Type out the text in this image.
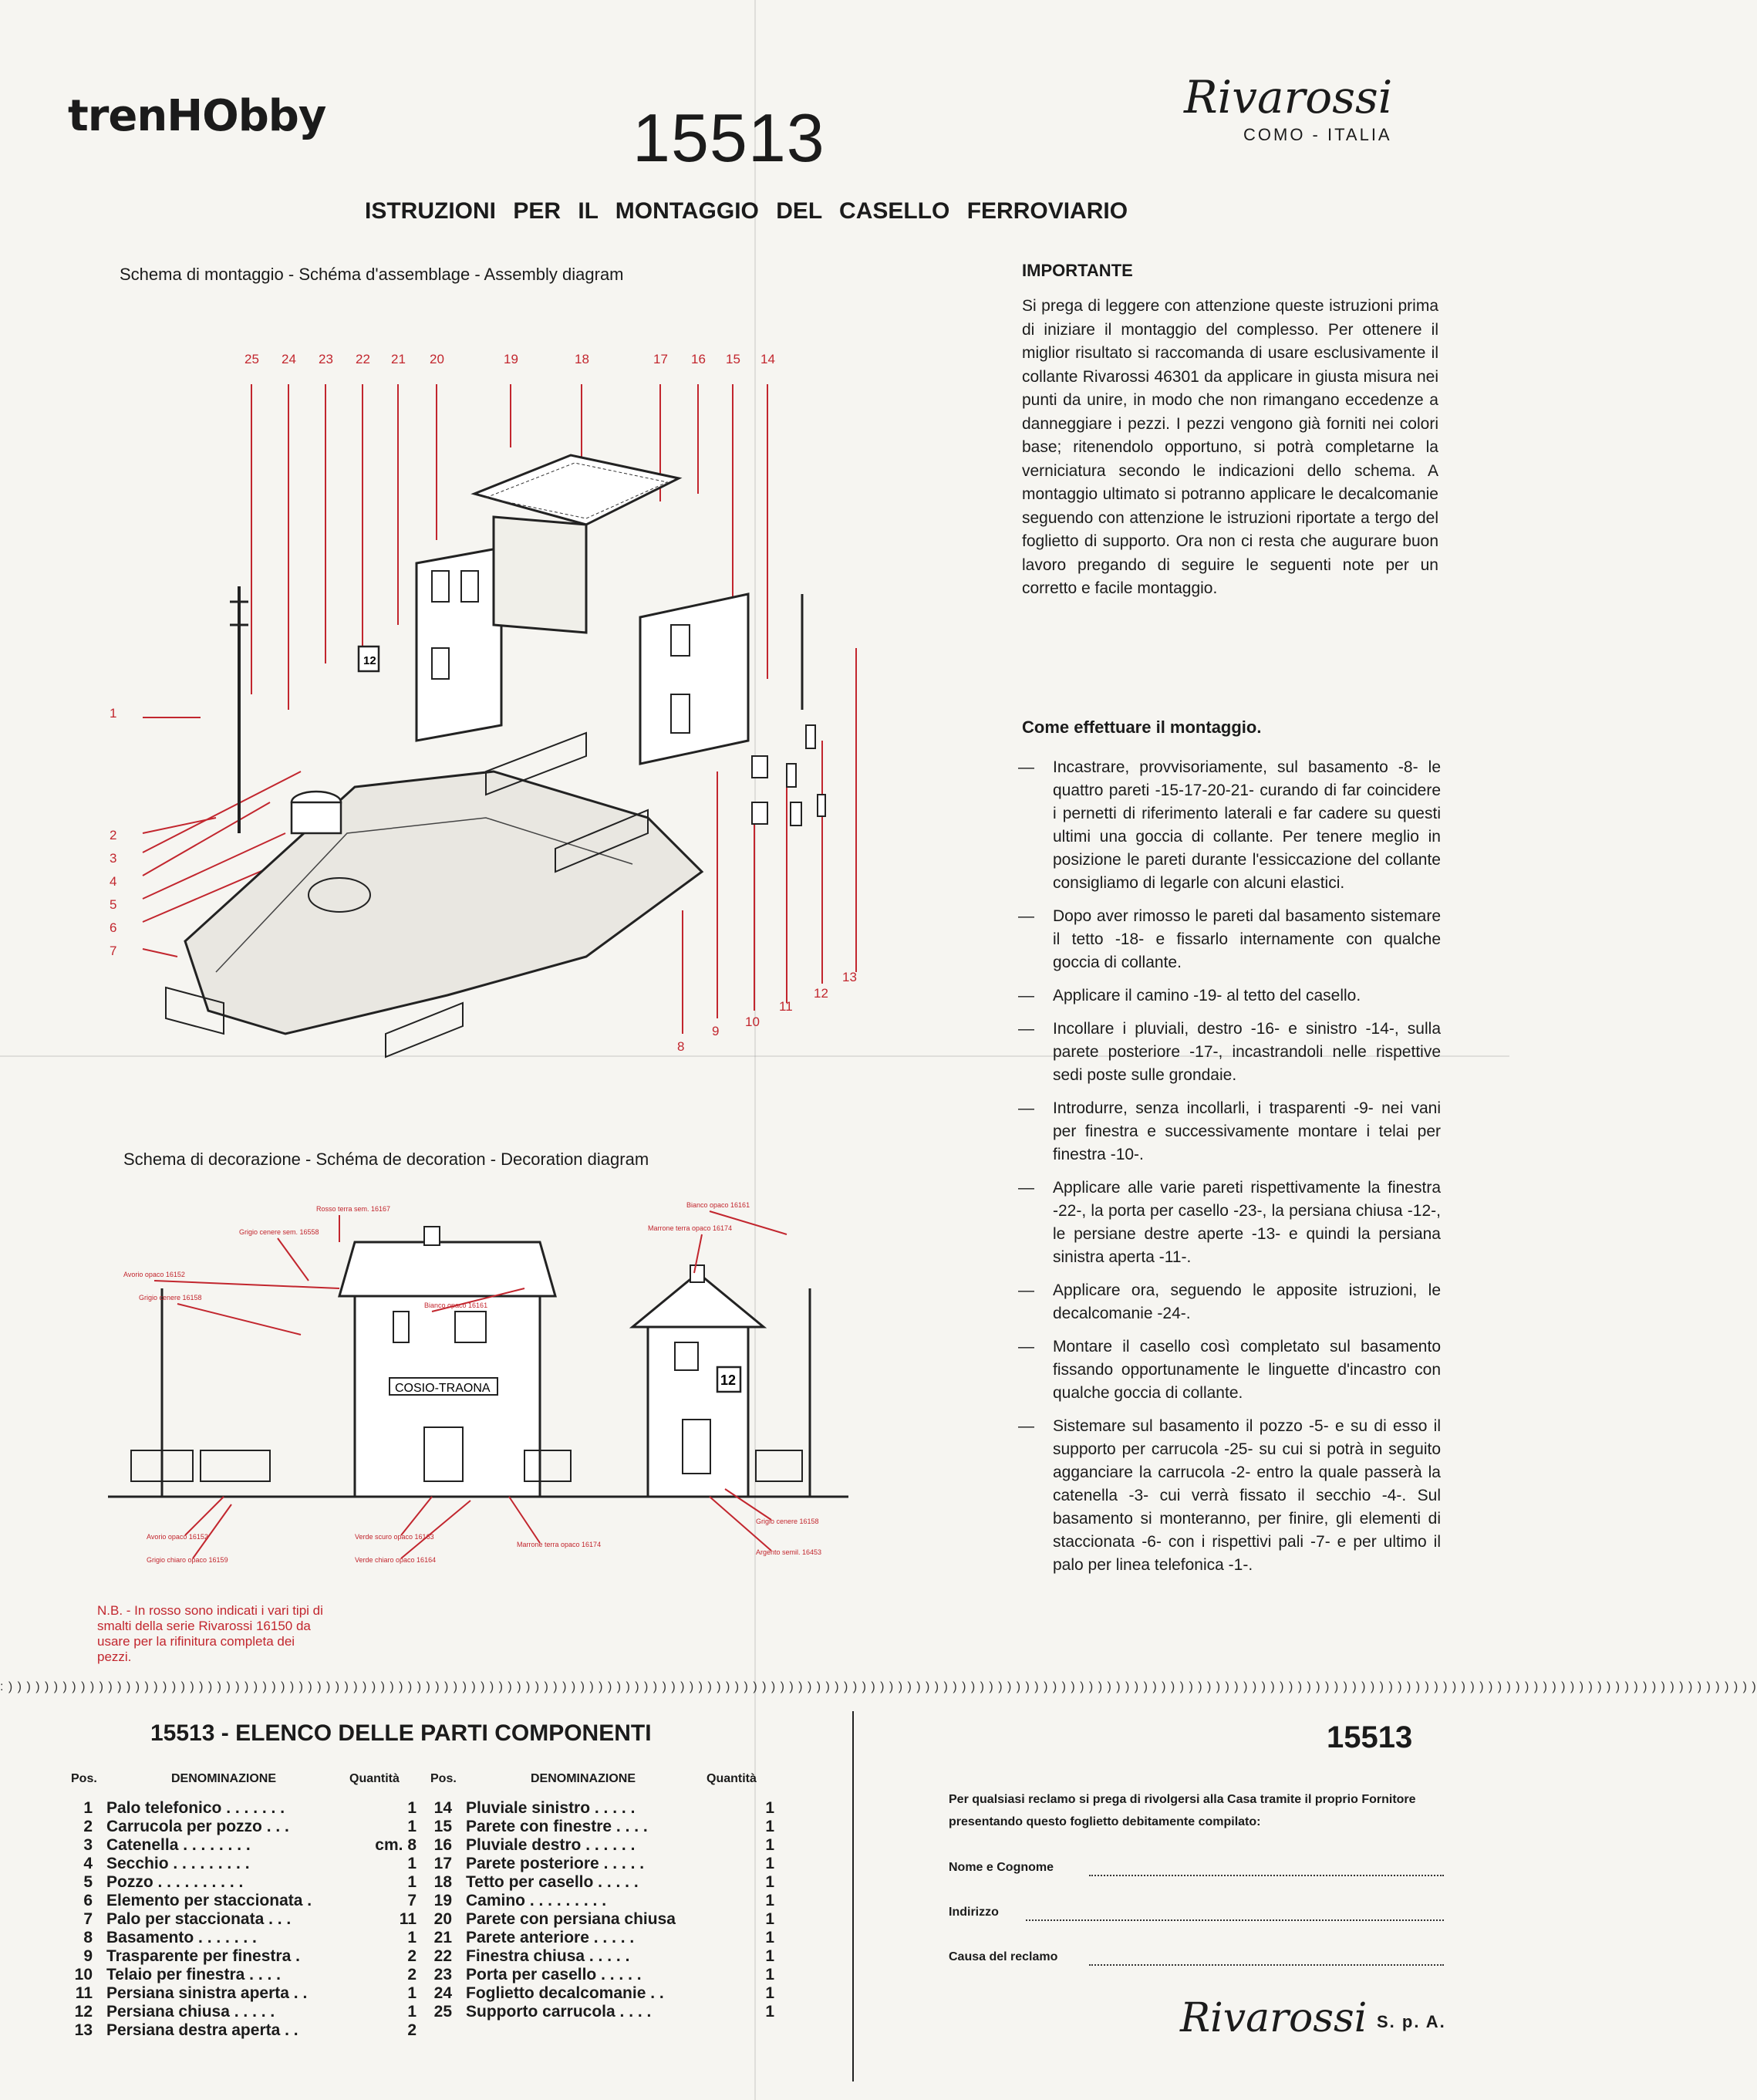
trenHObby	15513
Rivarossi
COMO - ITALIA
ISTRUZIONI PER IL MONTAGGIO DEL CASELLO FERROVIARIO
Schema di montaggio - Schéma d'assemblage - Assembly diagram
12
25 24 23 22 21 20	19	18	17 16 15 14
1
2
3
4
5
6
7
8
9
10
11
12
13
Schema di decorazione - Schéma de decoration - Decoration diagram
COSIO-TRAONA
12
Rosso terra sem. 16167
Grigio cenere sem. 16558
Avorio opaco 16152
Grigio cenere 16158
Bianco opaco 16161
Bianco opaco 16161
Marrone terra opaco 16174
Avorio opaco 16152
Grigio chiaro opaco 16159
Verde scuro opaco 16163
Verde chiaro opaco 16164
Marrone terra opaco 16174
Grigio cenere 16158
Argento semil. 16453

N.B. - In rosso sono indicati i vari tipi di smalti della serie Rivarossi 16150 da usare per la rifinitura completa dei pezzi.

IMPORTANTE

Si prega di leggere con attenzione queste istruzioni prima di iniziare il montaggio del complesso. Per ottenere il miglior risultato si raccomanda di usare esclusivamente il collante Rivarossi 46301 da applicare in giusta misura nei punti da unire, in modo che non rimangano eccedenze a danneggiare i pezzi. I pezzi vengono già forniti nei colori base; ritenendolo opportuno, si potrà completarne la verniciatura secondo le indicazioni dello schema. A montaggio ultimato si potranno applicare le decalcomanie seguendo con attenzione le istruzioni riportate a tergo del foglietto di supporto. Ora non ci resta che augurare buon lavoro pregando di seguire le seguenti note per un corretto e facile montaggio.

Come effettuare il montaggio.
— Incastrare, provvisoriamente, sul basamento -8- le quattro pareti -15-17-20-21- curando di far coincidere i pernetti di riferimento laterali e far cadere su questi ultimi una goccia di collante. Per tenere meglio in posizione le pareti durante l'essiccazione del collante consigliamo di legarle con alcuni elastici.
— Dopo aver rimosso le pareti dal basamento sistemare il tetto -18- e fissarlo internamente con qualche goccia di collante.
— Applicare il camino -19- al tetto del casello.
— Incollare i pluviali, destro -16- e sinistro -14-, sulla parete posteriore -17-, incastrandoli nelle rispettive sedi poste sulle grondaie.
— Introdurre, senza incollarli, i trasparenti -9- nei vani per finestra e successivamente montare i telai per finestra -10-.
— Applicare alle varie pareti rispettivamente la finestra -22-, la porta per casello -23-, la persiana chiusa -12-, le persiane destre aperte -13- e quindi la persiana sinistra aperta -11-.
— Applicare ora, seguendo le apposite istruzioni, le decalcomanie -24-.
— Montare il casello così completato sul basamento fissando opportunamente le linguette d'incastro con qualche goccia di collante.
— Sistemare sul basamento il pozzo -5- e su di esso il supporto per carrucola -25- su cui si potrà in seguito agganciare la carrucola -2- entro la quale passerà la catenella -3- cui verrà fissato il secchio -4-. Sul basamento si monteranno, per finire, gli elementi di staccionata -6- con i rispettivi pali -7- e per ultimo il palo per linea telefonica -1-.
: ) ) ) ) ) ) ) ) ) ) ) ) ) ) ) ) ) ) ) ) ) ) ) ) ) ) ) ) ) ) ) ) ) ) ) ) ) ) ) ) ) ) ) ) ) ) ) ) ) ) ) ) ) ) ) ) ) ) ) ) ) ) ) ) ) ) ) ) ) ) ) ) ) ) ) ) ) ) ) ) ) ) ) ) ) ) ) ) ) ) ) ) ) ) ) ) ) ) ) ) ) ) ) ) ) ) ) ) ) ) ) ) ) ) ) ) ) ) ) ) ) ) ) ) ) ) ) ) ) ) ) ) ) ) ) ) ) ) ) ) ) ) ) ) ) ) ) ) ) ) ) ) ) ) ) ) ) ) ) ) ) ) ) ) ) ) ) ) ) ) ) ) ) ) ) ) ) ) ) ) ) ) ) ) ) ) ) ) ) ) ) ) )
15513 - ELENCO DELLE PARTI COMPONENTI
Pos.	DENOMINAZIONE	Quantità	Pos.	DENOMINAZIONE	Quantità
1 Palo telefonico . . . . . . .	1
2 Carrucola per pozzo . . .	1
3 Catenella . . . . . . . .	cm. 8
4 Secchio . . . . . . . . .	1
5 Pozzo . . . . . . . . . .	1
6 Elemento per staccionata .	7
7 Palo per staccionata . . .	11
8 Basamento . . . . . . .	1
9 Trasparente per finestra .	2
10 Telaio per finestra . . . .	2
11 Persiana sinistra aperta . .	1
12 Persiana chiusa . . . . .	1
13 Persiana destra aperta . .	2
14 Pluviale sinistro . . . . .	1
15 Parete con finestre . . . .	1
16 Pluviale destro . . . . . .	1
17 Parete posteriore . . . . .	1
18 Tetto per casello . . . . .	1
19 Camino . . . . . . . . .	1
20 Parete con persiana chiusa	1
21 Parete anteriore . . . . .	1
22 Finestra chiusa . . . . .	1
23 Porta per casello . . . . .	1
24 Foglietto decalcomanie . .	1
25 Supporto carrucola . . . .	1
15513

Per qualsiasi reclamo si prega di rivolgersi alla Casa tramite il proprio Fornitore presentando questo foglietto debitamente compilato:

Nome e Cognome
Indirizzo
Causa del reclamo
Rivarossi S. p. A.
